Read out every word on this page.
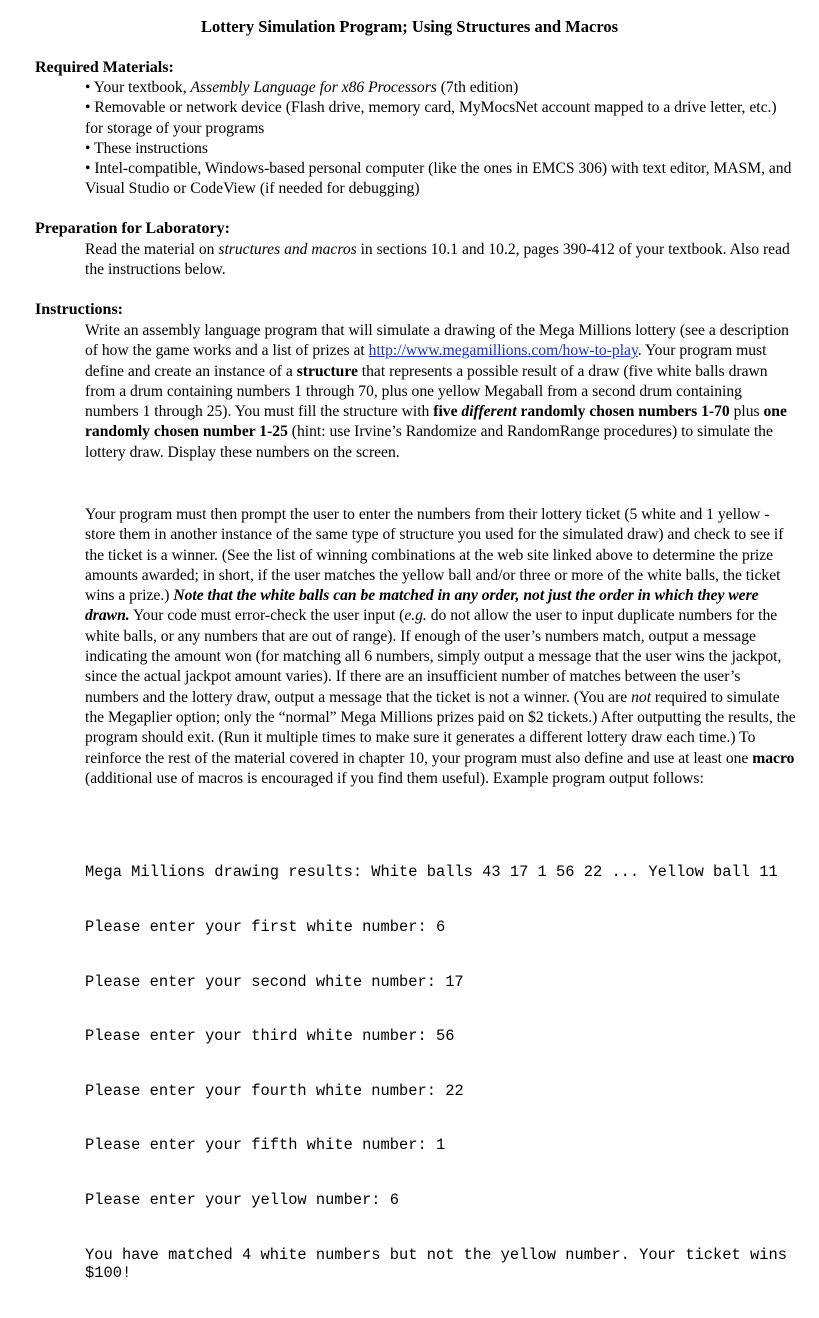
Lottery Simulation Program; Using Structures and Macros
Required Materials:

• Your textbook, Assembly Language for x86 Processors (7th edition)

• Removable or network device (Flash drive, memory card, MyMocsNet account mapped to a drive letter, etc.) for storage of your programs

• These instructions

• Intel-compatible, Windows-based personal computer (like the ones in EMCS 306) with text editor, MASM, and Visual Studio or CodeView (if needed for debugging)

Preparation for Laboratory:

Read the material on structures and macros in sections 10.1 and 10.2, pages 390-412 of your textbook. Also read the instructions below.

Instructions:

Write an assembly language program that will simulate a drawing of the Mega Millions lottery (see a description of how the game works and a list of prizes at http://www.megamillions.com/how-to-play. Your program must define and create an instance of a structure that represents a possible result of a draw (five white balls drawn from a drum containing numbers 1 through 70, plus one yellow Megaball from a second drum containing numbers 1 through 25). You must fill the structure with five different randomly chosen numbers 1-70 plus one randomly chosen number 1-25 (hint: use Irvine’s Randomize and RandomRange procedures) to simulate the lottery draw. Display these numbers on the screen.

Your program must then prompt the user to enter the numbers from their lottery ticket (5 white and 1 yellow - store them in another instance of the same type of structure you used for the simulated draw) and check to see if the ticket is a winner. (See the list of winning combinations at the web site linked above to determine the prize amounts awarded; in short, if the user matches the yellow ball and/or three or more of the white balls, the ticket wins a prize.) Note that the white balls can be matched in any order, not just the order in which they were drawn. Your code must error-check the user input (e.g. do not allow the user to input duplicate numbers for the white balls, or any numbers that are out of range). If enough of the user’s numbers match, output a message indicating the amount won (for matching all 6 numbers, simply output a message that the user wins the jackpot, since the actual jackpot amount varies). If there are an insufficient number of matches between the user’s numbers and the lottery draw, output a message that the ticket is not a winner. (You are not required to simulate the Megaplier option; only the “normal” Mega Millions prizes paid on $2 tickets.) After outputting the results, the program should exit. (Run it multiple times to make sure it generates a different lottery draw each time.) To reinforce the rest of the material covered in chapter 10, your program must also define and use at least one macro (additional use of macros is encouraged if you find them useful). Example program output follows:

Mega Millions drawing results: White balls 43 17 1 56 22 ... Yellow ball 11

Please enter your first white number: 6

Please enter your second white number: 17

Please enter your third white number: 56

Please enter your fourth white number: 22

Please enter your fifth white number: 1

Please enter your yellow number: 6

You have matched 4 white numbers but not the yellow number. Your ticket wins $100!
